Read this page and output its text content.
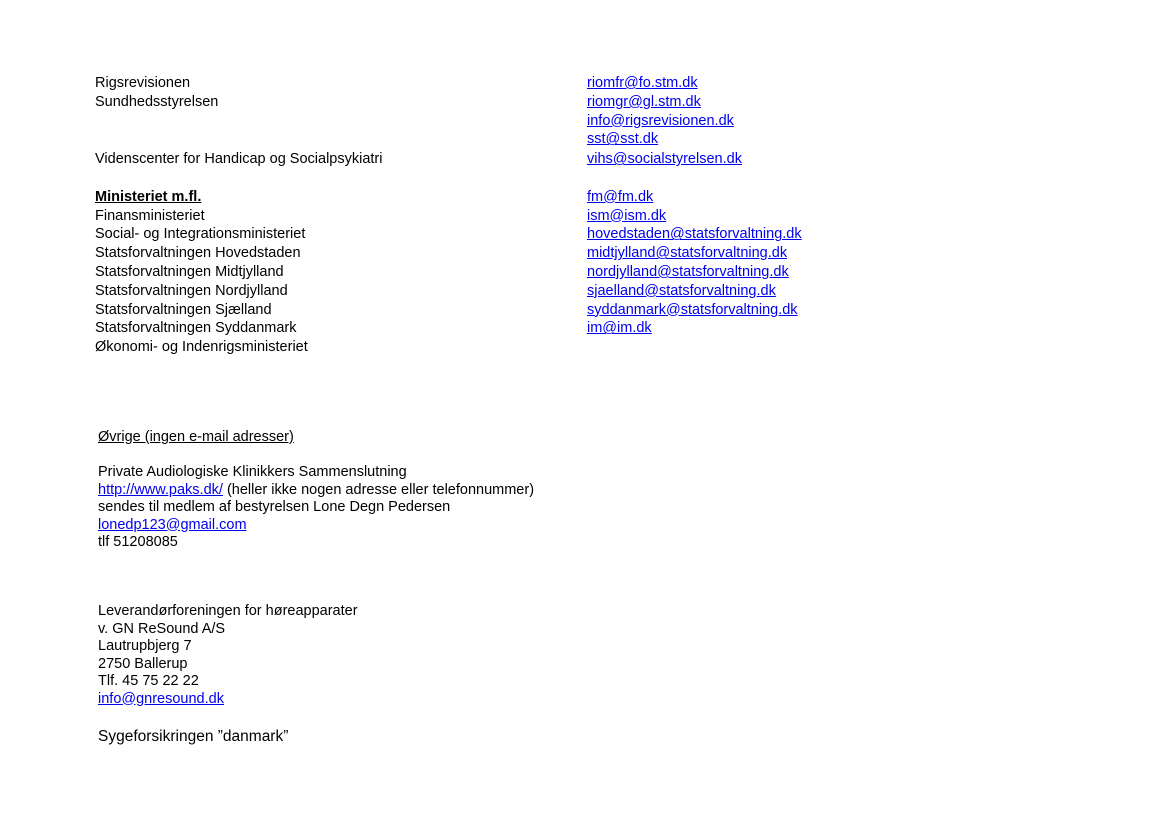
Rigsrevisionen
Sundhedsstyrelsen
Videnscenter for Handicap og Socialpsykiatri
Ministeriet m.fl.
Finansministeriet
Social- og Integrationsministeriet
Statsforvaltningen Hovedstaden
Statsforvaltningen Midtjylland
Statsforvaltningen Nordjylland
Statsforvaltningen Sjælland
Statsforvaltningen Syddanmark
Økonomi- og Indenrigsministeriet
riomfr@fo.stm.dk
riomgr@gl.stm.dk
info@rigsrevisionen.dk
sst@sst.dk
vihs@socialstyrelsen.dk
fm@fm.dk
ism@ism.dk
hovedstaden@statsforvaltning.dk
midtjylland@statsforvaltning.dk
nordjylland@statsforvaltning.dk
sjaelland@statsforvaltning.dk
syddanmark@statsforvaltning.dk
im@im.dk
Øvrige (ingen e-mail adresser)
Private Audiologiske Klinikkers Sammenslutning
http://www.paks.dk/ (heller ikke nogen adresse eller telefonnummer)
sendes til medlem af bestyrelsen Lone Degn Pedersen
lonedp123@gmail.com
tlf 51208085
Leverandørforeningen for høreapparater
v. GN ReSound A/S
Lautrupbjerg 7
2750 Ballerup
Tlf. 45 75 22 22
info@gnresound.dk
Sygeforsikringen ”danmark”
